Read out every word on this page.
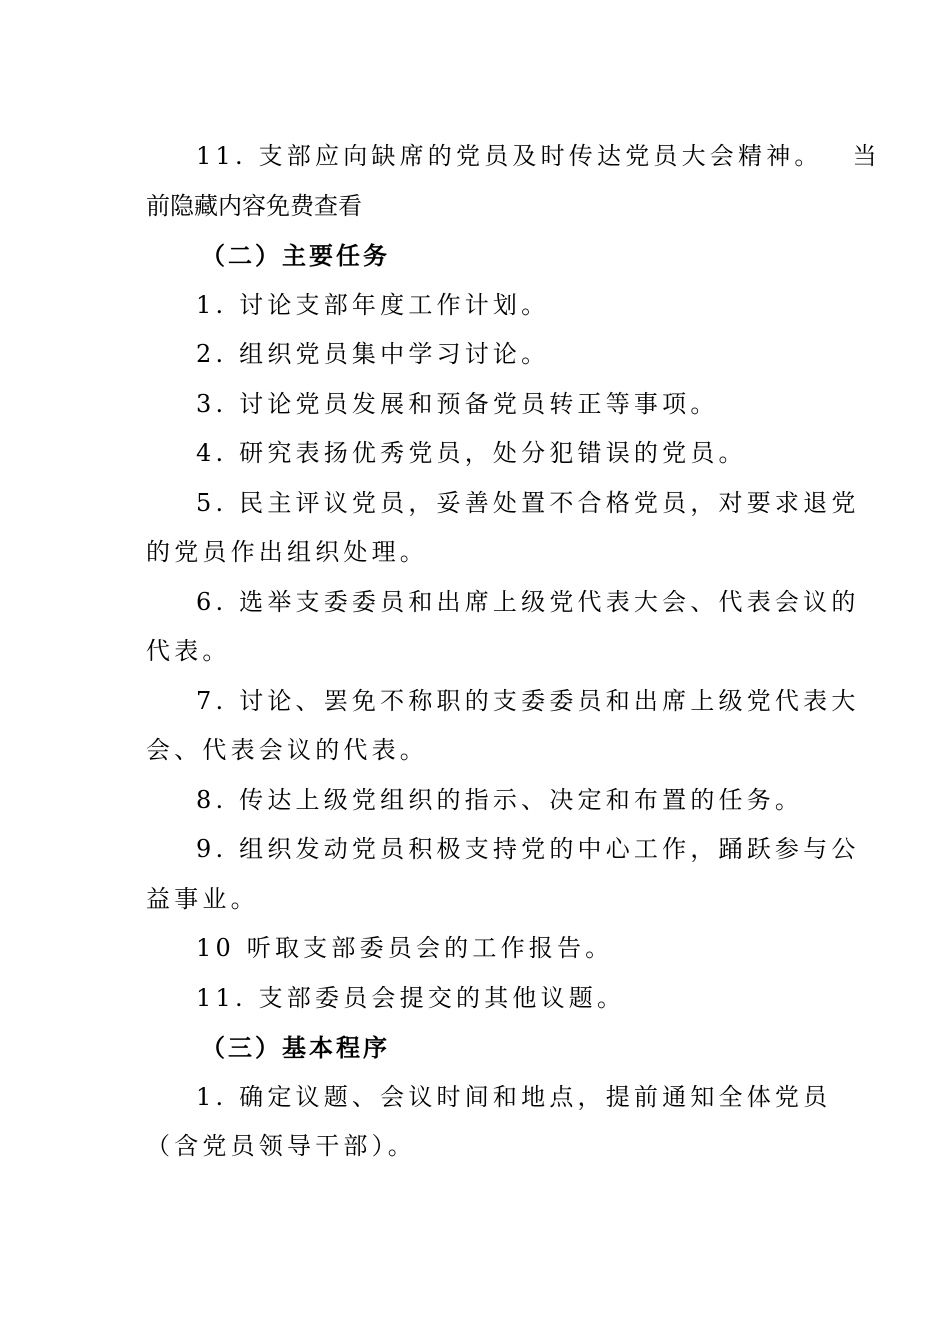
11. 支部应向缺席的党员及时传达党员大会精神。 当
前隐藏内容免费查看
（二）主要任务
1. 讨论支部年度工作计划。
2. 组织党员集中学习讨论。
3. 讨论党员发展和预备党员转正等事项。
4. 研究表扬优秀党员，处分犯错误的党员。
5. 民主评议党员，妥善处置不合格党员，对要求退党
的党员作出组织处理。
6. 选举支委委员和出席上级党代表大会、代表会议的
代表。
7. 讨论、罢免不称职的支委委员和出席上级党代表大
会、代表会议的代表。
8. 传达上级党组织的指示、决定和布置的任务。
9. 组织发动党员积极支持党的中心工作，踊跃参与公
益事业。
10 听取支部委员会的工作报告。
11. 支部委员会提交的其他议题。
（三）基本程序
1. 确定议题、会议时间和地点，提前通知全体党员
（含党员领导干部）。
